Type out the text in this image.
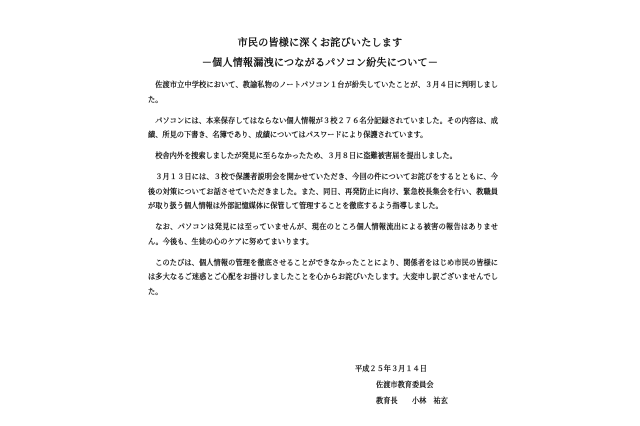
市民の皆様に深くお詫びいたします
－個人情報漏洩につながるパソコン紛失について－

佐渡市立中学校において、教諭私物のノートパソコン１台が紛失していたことが、３月４日に判明しました。

パソコンには、本来保存してはならない個人情報が３校２７６名分記録されていました。その内容は、成績、所見の下書き、名簿であり、成績についてはパスワードにより保護されています。

校舎内外を捜索しましたが発見に至らなかったため、３月８日に盗難被害届を提出しました。

３月１３日には、３校で保護者説明会を開かせていただき、今回の件についてお詫びをするとともに、今後の対策についてお話させていただきました。また、同日、再発防止に向け、緊急校長集会を行い、教職員が取り扱う個人情報は外部記憶媒体に保管して管理することを徹底するよう指導しました。

なお、パソコンは発見には至っていませんが、現在のところ個人情報流出による被害の報告はありません。今後も、生徒の心のケアに努めてまいります。

このたびは、個人情報の管理を徹底させることができなかったことにより、関係者をはじめ市民の皆様には多大なるご迷惑とご心配をお掛けしましたことを心からお詫びいたします。大変申し訳ございませんでした。

平成２５年３月１４日
佐渡市教育委員会
教育長　　小林　祐玄
